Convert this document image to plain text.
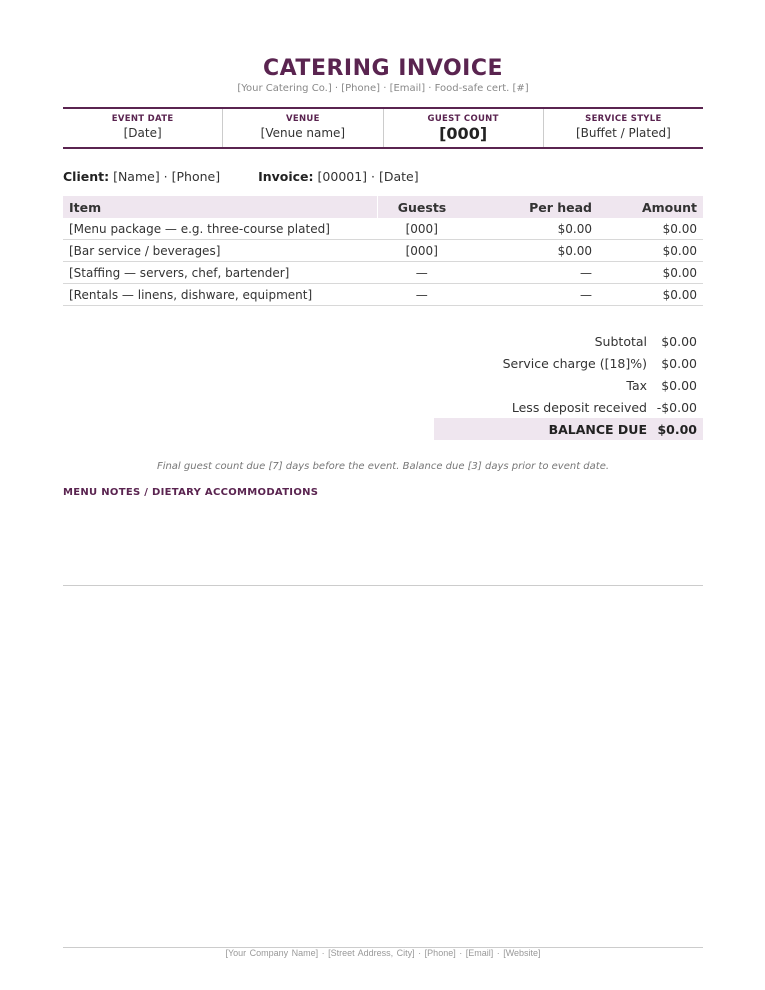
CATERING INVOICE
[Your Catering Co.] · [Phone] · [Email] · Food-safe cert. [#]
EVENT DATE
[Date]
VENUE
[Venue name]
GUEST COUNT
[000]
SERVICE STYLE
[Buffet / Plated]
Client: [Name] · [Phone]	Invoice: [00001] · [Date]
Item	Guests	Per head	Amount
[Menu package — e.g. three-course plated]	[000]	$0.00	$0.00
[Bar service / beverages]	[000]	$0.00	$0.00
[Staffing — servers, chef, bartender]	—	—	$0.00
[Rentals — linens, dishware, equipment]	—	—	$0.00
Subtotal	$0.00
Service charge ([18]%)	$0.00
Tax	$0.00
Less deposit received -$0.00
BALANCE DUE $0.00
Final guest count due [7] days before the event. Balance due [3] days prior to event date.
MENU NOTES / DIETARY ACCOMMODATIONS
[Your Company Name] · [Street Address, City] · [Phone] · [Email] · [Website]
